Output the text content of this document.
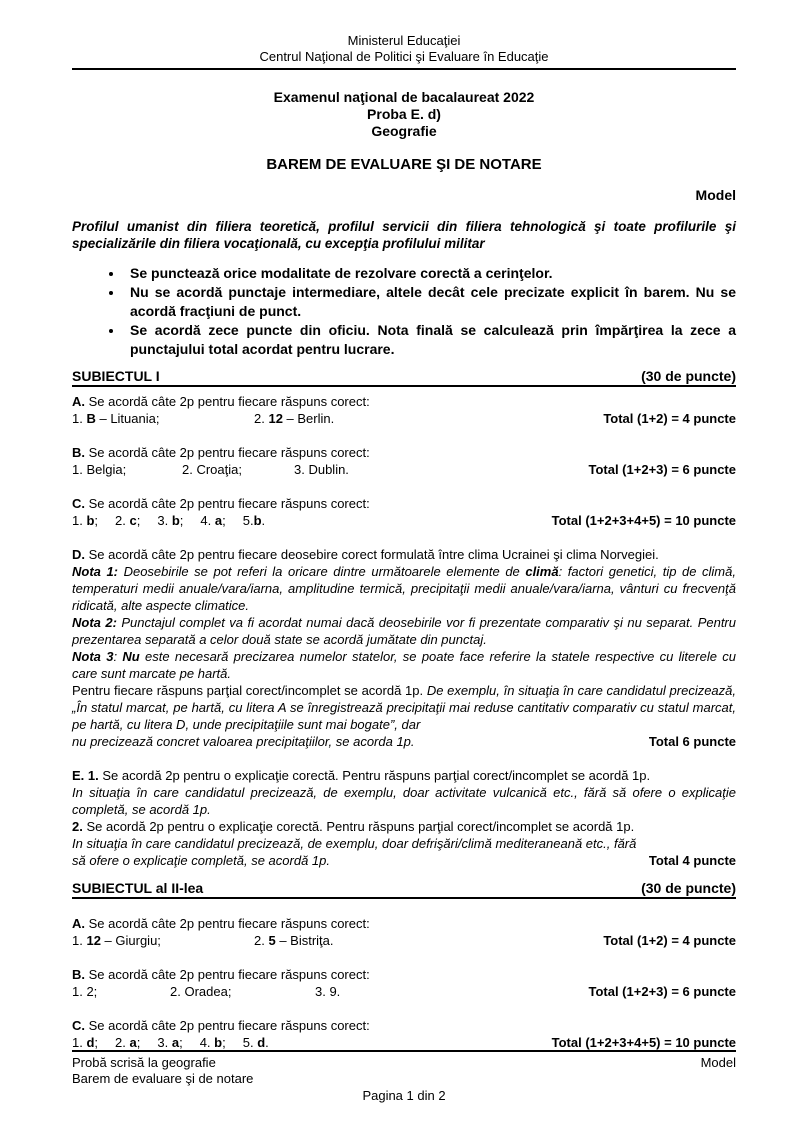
Ministerul Educaţiei
Centrul Naţional de Politici şi Evaluare în Educaţie
Examenul naţional de bacalaureat 2022
Proba E. d)
Geografie
BAREM DE EVALUARE ŞI DE NOTARE
Model

Profilul umanist din filiera teoretică, profilul servicii din filiera tehnologică şi toate profilurile şi specializările din filiera vocaţională, cu excepţia profilului militar

• Se punctează orice modalitate de rezolvare corectă a cerinţelor.
• Nu se acordă punctaje intermediare, altele decât cele precizate explicit în barem. Nu se acordă fracţiuni de punct.
• Se acordă zece puncte din oficiu. Nota finală se calculează prin împărţirea la zece a punctajului total acordat pentru lucrare.
SUBIECTUL I	(30 de puncte)

A. Se acordă câte 2p pentru fiecare răspuns corect:

1. B – Lituania;	2. 12 – Berlin.	Total (1+2) = 4 puncte

B. Se acordă câte 2p pentru fiecare răspuns corect:

1. Belgia;	2. Croaţia;	3. Dublin.	Total (1+2+3) = 6 puncte

C. Se acordă câte 2p pentru fiecare răspuns corect:

1. b; 2. c; 3. b; 4. a; 5.b.	Total (1+2+3+4+5) = 10 puncte

D. Se acordă câte 2p pentru fiecare deosebire corect formulată între clima Ucrainei şi clima Norvegiei.

Nota 1: Deosebirile se pot referi la oricare dintre următoarele elemente de climă: factori genetici, tip de climă, temperaturi medii anuale/vara/iarna, amplitudine termică, precipitaţii medii anuale/vara/iarna, vânturi cu frecvenţă ridicată, alte aspecte climatice.

Nota 2: Punctajul complet va fi acordat numai dacă deosebirile vor fi prezentate comparativ şi nu separat. Pentru prezentarea separată a celor două state se acordă jumătate din punctaj.

Nota 3: Nu este necesară precizarea numelor statelor, se poate face referire la statele respective cu literele cu care sunt marcate pe hartă.

Pentru fiecare răspuns parţial corect/incomplet se acordă 1p. De exemplu, în situaţia în care candidatul precizează, „În statul marcat, pe hartă, cu litera A se înregistrează precipitaţii mai reduse cantitativ comparativ cu statul marcat, pe hartă, cu litera D, unde precipitaţiile sunt mai bogate”, dar

nu precizează concret valoarea precipitaţiilor, se acorda 1p.	Total 6 puncte

E. 1. Se acordă 2p pentru o explicaţie corectă. Pentru răspuns parţial corect/incomplet se acordă 1p.

In situaţia în care candidatul precizează, de exemplu, doar activitate vulcanică etc., fără să ofere o explicaţie completă, se acordă 1p.

2. Se acordă 2p pentru o explicaţie corectă. Pentru răspuns parţial corect/incomplet se acordă 1p.

In situaţia în care candidatul precizează, de exemplu, doar defrişări/climă mediteraneană etc., fără

să ofere o explicaţie completă, se acordă 1p.	Total 4 puncte
SUBIECTUL al II-lea	(30 de puncte)

A. Se acordă câte 2p pentru fiecare răspuns corect:

1. 12 – Giurgiu;	2. 5 – Bistriţa.	Total (1+2) = 4 puncte

B. Se acordă câte 2p pentru fiecare răspuns corect:

1. 2;	2. Oradea;	3. 9.	Total (1+2+3) = 6 puncte

C. Se acordă câte 2p pentru fiecare răspuns corect:

1. d; 2. a; 3. a; 4. b; 5. d.	Total (1+2+3+4+5) = 10 puncte
Probă scrisă la geografie	Model
Barem de evaluare şi de notare
Pagina 1 din 2
